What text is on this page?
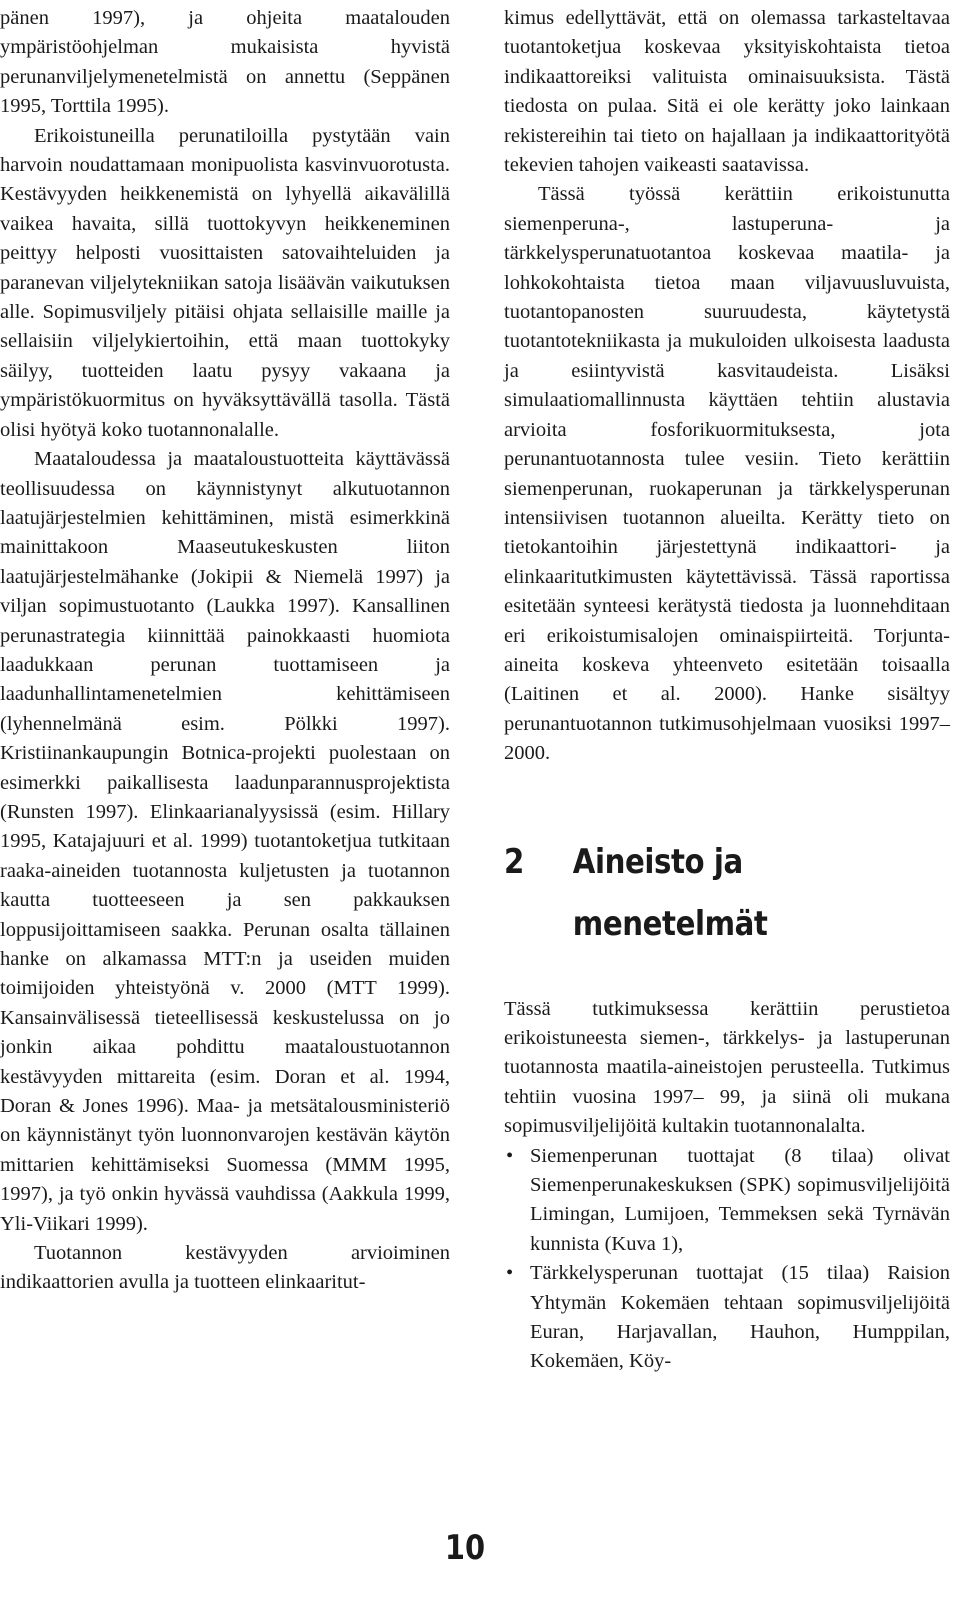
pänen 1997), ja ohjeita maatalouden ympäristöohjelman mukaisista hyvistä perunanviljelymenetelmistä on annettu (Seppänen 1995, Torttila 1995).

Erikoistuneilla perunatiloilla pystytään vain harvoin noudattamaan monipuolista kasvinvuorotusta. Kestävyyden heikkenemistä on lyhyellä aikavälillä vaikea havaita, sillä tuottokyvyn heikkeneminen peittyy helposti vuosittaisten satovaihteluiden ja paranevan viljelytekniikan satoja lisäävän vaikutuksen alle. Sopimusviljely pitäisi ohjata sellaisille maille ja sellaisiin viljelykiertoihin, että maan tuottokyky säilyy, tuotteiden laatu pysyy vakaana ja ympäristökuormitus on hyväksyttävällä tasolla. Tästä olisi hyötyä koko tuotannonalalle.

Maataloudessa ja maataloustuotteita käyttävässä teollisuudessa on käynnistynyt alkutuotannon laatujärjestelmien kehittäminen, mistä esimerkkinä mainittakoon Maaseutukeskusten liiton laatujärjestelmähanke (Jokipii & Niemelä 1997) ja viljan sopimustuotanto (Laukka 1997). Kansallinen perunastrategia kiinnittää painokkaasti huomiota laadukkaan perunan tuottamiseen ja laadunhallintamenetelmien kehittämiseen (lyhennelmänä esim. Pölkki 1997). Kristiinankaupungin Botnica-projekti puolestaan on esimerkki paikallisesta laadunparannusprojektista (Runsten 1997). Elinkaarianalyysissä (esim. Hillary 1995, Katajajuuri et al. 1999) tuotantoketjua tutkitaan raaka-aineiden tuotannosta kuljetusten ja tuotannon kautta tuotteeseen ja sen pakkauksen loppusijoittamiseen saakka. Perunan osalta tällainen hanke on alkamassa MTT:n ja useiden muiden toimijoiden yhteistyönä v. 2000 (MTT 1999). Kansainvälisessä tieteellisessä keskustelussa on jo jonkin aikaa pohdittu maataloustuotannon kestävyyden mittareita (esim. Doran et al. 1994, Doran & Jones 1996). Maa- ja metsätalousministeriö on käynnistänyt työn luonnonvarojen kestävän käytön mittarien kehittämiseksi Suomessa (MMM 1995, 1997), ja työ onkin hyvässä vauhdissa (Aakkula 1999, Yli-Viikari 1999).

Tuotannon kestävyyden arvioiminen indikaattorien avulla ja tuotteen elinkaaritut-

kimus edellyttävät, että on olemassa tarkasteltavaa tuotantoketjua koskevaa yksityiskohtaista tietoa indikaattoreiksi valituista ominaisuuksista. Tästä tiedosta on pulaa. Sitä ei ole kerätty joko lainkaan rekistereihin tai tieto on hajallaan ja indikaattorityötä tekevien tahojen vaikeasti saatavissa.

Tässä työssä kerättiin erikoistunutta siemenperuna-, lastuperuna- ja tärkkelysperunatuotantoa koskevaa maatila- ja lohkokohtaista tietoa maan viljavuusluvuista, tuotantopanosten suuruudesta, käytetystä tuotantotekniikasta ja mukuloiden ulkoisesta laadusta ja esiintyvistä kasvitaudeista. Lisäksi simulaatiomallinnusta käyttäen tehtiin alustavia arvioita fosforikuormituksesta, jota perunantuotannosta tulee vesiin. Tieto kerättiin siemenperunan, ruokaperunan ja tärkkelysperunan intensiivisen tuotannon alueilta. Kerätty tieto on tietokantoihin järjestettynä indikaattori- ja elinkaaritutkimusten käytettävissä. Tässä raportissa esitetään synteesi kerätystä tiedosta ja luonnehditaan eri erikoistumisalojen ominaispiirteitä. Torjunta-aineita koskeva yhteenveto esitetään toisaalla (Laitinen et al. 2000). Hanke sisältyy perunantuotannon tutkimusohjelmaan vuosiksi 1997–2000.

2	Aineisto ja menetelmät

Tässä tutkimuksessa kerättiin perustietoa erikoistuneesta siemen-, tärkkelys- ja lastuperunan tuotannosta maatila-aineistojen perusteella. Tutkimus tehtiin vuosina 1997– 99, ja siinä oli mukana sopimusviljelijöitä kultakin tuotannonalalta.

• Siemenperunan tuottajat (8 tilaa) olivat Siemenperunakeskuksen (SPK) sopimusviljelijöitä Limingan, Lumijoen, Temmeksen sekä Tyrnävän kunnista (Kuva 1),
• Tärkkelysperunan tuottajat (15 tilaa) Raision Yhtymän Kokemäen tehtaan sopimusviljelijöitä Euran, Harjavallan, Hauhon, Humppilan, Kokemäen, Köy-
10
